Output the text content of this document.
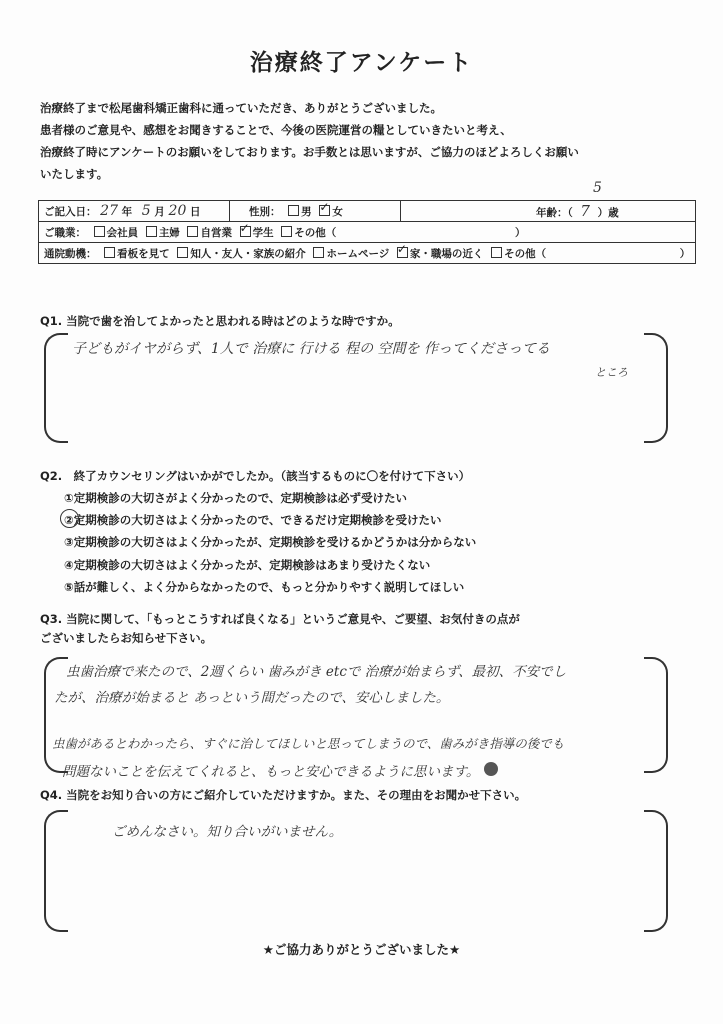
治療終了アンケート
治療終了まで松尾歯科矯正歯科に通っていただき、ありがとうございました。
患者様のご意見や、感想をお聞きすることで、今後の医院運営の糧としていきたいと考え、
治療終了時にアンケートのお願いをしております。お手数とは思いますが、ご協力のほどよろしくお願い
いたします。
5
ご記入日： 27 年 5 月 20 日	性別： 男 ✓ 女	年齢：（ 7 ）歳
ご職業： 会社員 主婦 自営業 ✓ 学生 その他（	）
通院動機： 看板を見て 知人・友人・家族の紹介 ホームページ ✓ 家・職場の近く その他（	）
Q1. 当院で歯を治してよかったと思われる時はどのような時ですか。
子どもがイヤがらず、1人で 治療に 行ける 程の 空間を 作ってくださってる
ところ
Q2.　終了カウンセリングはいかがでしたか。（該当するものに〇を付けて下さい）
①定期検診の大切さがよく分かったので、定期検診は必ず受けたい
②定期検診の大切さはよく分かったので、できるだけ定期検診を受けたい
③定期検診の大切さはよく分かったが、定期検診を受けるかどうかは分からない
④定期検診の大切さはよく分かったが、定期検診はあまり受けたくない
⑤話が難しく、よく分からなかったので、もっと分かりやすく説明してほしい
Q3. 当院に関して、「もっとこうすれば良くなる」というご意見や、ご要望、お気付きの点が
ございましたらお知らせ下さい。
虫歯治療で来たので、2週くらい 歯みがき etcで 治療が始まらず、最初、不安でし
たが、治療が始まると あっという間だったので、安心しました。
虫歯があるとわかったら、すぐに治してほしいと思ってしまうので、歯みがき指導の後でも
問題ないことを伝えてくれると、もっと安心できるように思います。
Q4. 当院をお知り合いの方にご紹介していただけますか。また、その理由をお聞かせ下さい。
ごめんなさい。知り合いがいません。
★ご協力ありがとうございました★
